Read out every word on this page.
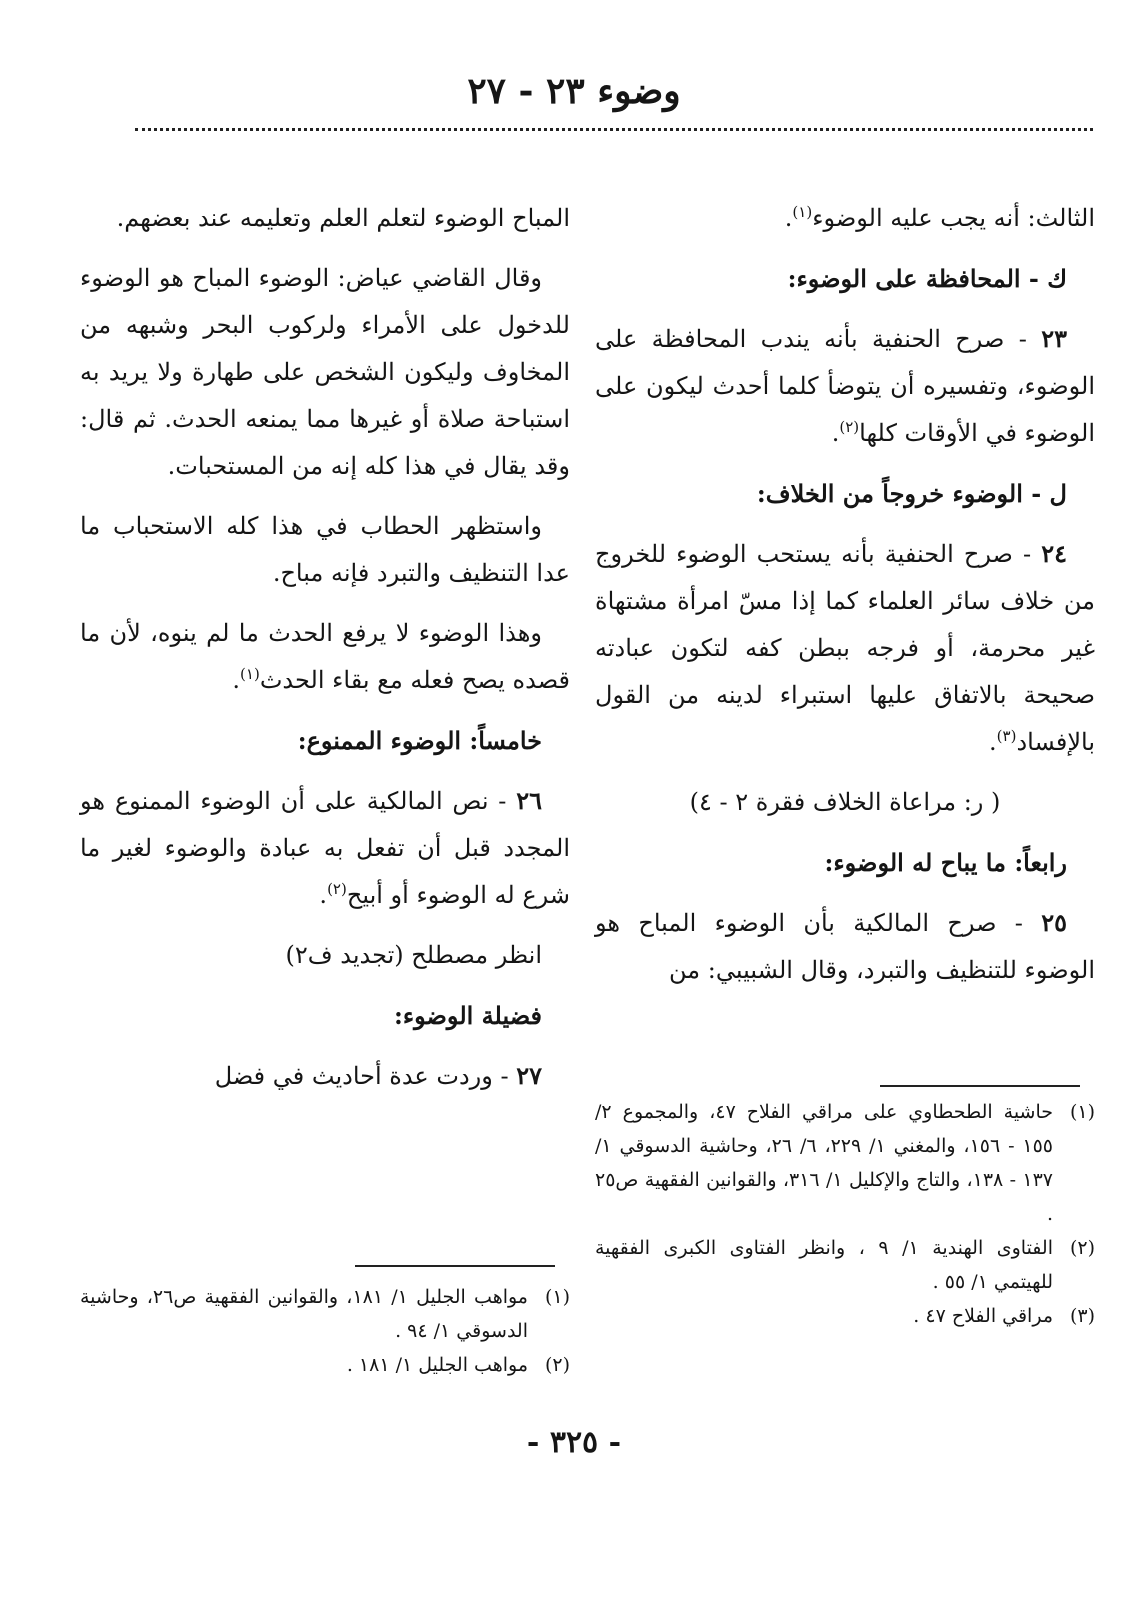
وضوء ٢٣ - ٢٧

الثالث: أنه يجب عليه الوضوء$^{(١)}$.

ك - المحافظة على الوضوء:

٢٣ - صرح الحنفية بأنه يندب المحافظة على الوضوء، وتفسيره أن يتوضأ كلما أحدث ليكون على الوضوء في الأوقات كلها$^{(٢)}$.

ل - الوضوء خروجاً من الخلاف:

٢٤ - صرح الحنفية بأنه يستحب الوضوء للخروج من خلاف سائر العلماء كما إذا مسّ امرأة مشتهاة غير محرمة، أو فرجه ببطن كفه لتكون عبادته صحيحة بالاتفاق عليها استبراء لدينه من القول بالإفساد$^{(٣)}$.

( ر: مراعاة الخلاف فقرة ٢ - ٤)

رابعاً: ما يباح له الوضوء:

٢٥ - صرح المالكية بأن الوضوء المباح هو الوضوء للتنظيف والتبرد، وقال الشبيبي: من

المباح الوضوء لتعلم العلم وتعليمه عند بعضهم.

وقال القاضي عياض: الوضوء المباح هو الوضوء للدخول على الأمراء ولركوب البحر وشبهه من المخاوف وليكون الشخص على طهارة ولا يريد به استباحة صلاة أو غيرها مما يمنعه الحدث. ثم قال: وقد يقال في هذا كله إنه من المستحبات.

واستظهر الحطاب في هذا كله الاستحباب ما عدا التنظيف والتبرد فإنه مباح.

وهذا الوضوء لا يرفع الحدث ما لم ينوه، لأن ما قصده يصح فعله مع بقاء الحدث$^{(١)}$.

خامساً: الوضوء الممنوع:

٢٦ - نص المالكية على أن الوضوء الممنوع هو المجدد قبل أن تفعل به عبادة والوضوء لغير ما شرع له الوضوء أو أبيح$^{(٢)}$.

انظر مصطلح (تجديد ف٢)

فضيلة الوضوء:

٢٧ - وردت عدة أحاديث في فضل

(١)
حاشية الطحطاوي على مراقي الفلاح ٤٧، والمجموع ٢/ ١٥٥ - ١٥٦، والمغني ١/ ٢٢٩، ٦/ ٢٦، وحاشية الدسوقي ١/ ١٣٧ - ١٣٨، والتاج والإكليل ١/ ٣١٦، والقوانين الفقهية ص٢٥ .
(٢)
الفتاوى الهندية ١/ ٩ ، وانظر الفتاوى الكبرى الفقهية للهيتمي ١/ ٥٥ .
(٣)
مراقي الفلاح ٤٧ .
(١)
مواهب الجليل ١/ ١٨١، والقوانين الفقهية ص٢٦، وحاشية الدسوقي ١/ ٩٤ .
(٢)
مواهب الجليل ١/ ١٨١ .
- ٣٢٥ -
